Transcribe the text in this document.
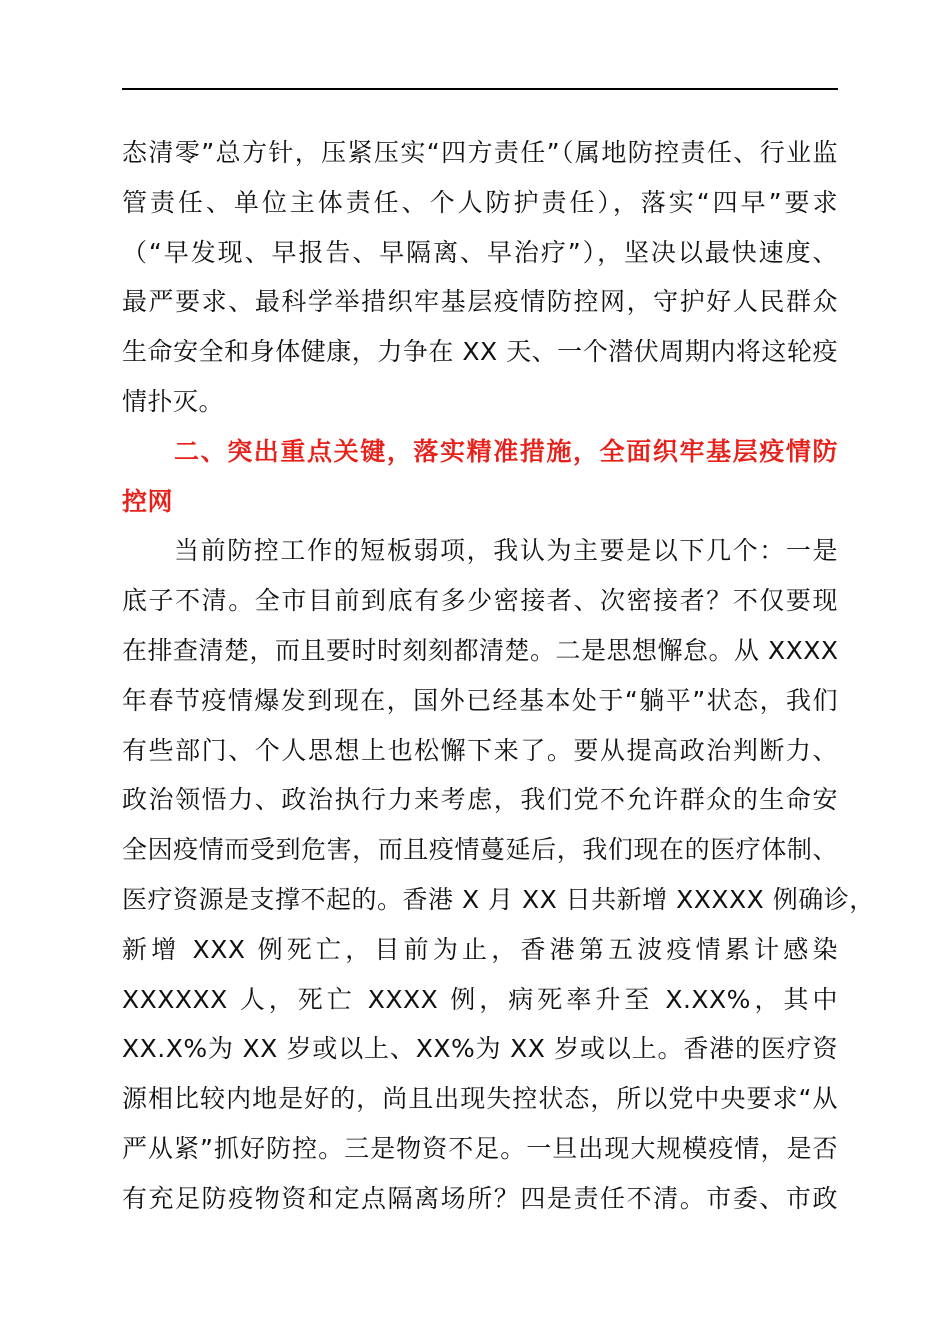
态清零”总方针，压紧压实“四方责任”（属地防控责任、行业监
管责任、单位主体责任、个人防护责任），落实“四早”要求
（“早发现、早报告、早隔离、早治疗”），坚决以最快速度、
最严要求、最科学举措织牢基层疫情防控网，守护好人民群众
生命安全和身体健康，力争在 XX 天、一个潜伏周期内将这轮疫
情扑灭。
二、突出重点关键，落实精准措施，全面织牢基层疫情防
控网
当前防控工作的短板弱项，我认为主要是以下几个：一是
底子不清。全市目前到底有多少密接者、次密接者？不仅要现
在排查清楚，而且要时时刻刻都清楚。二是思想懈怠。从 XXXX
年春节疫情爆发到现在，国外已经基本处于“躺平”状态，我们
有些部门、个人思想上也松懈下来了。要从提高政治判断力、
政治领悟力、政治执行力来考虑，我们党不允许群众的生命安
全因疫情而受到危害，而且疫情蔓延后，我们现在的医疗体制、
医疗资源是支撑不起的。香港 X 月 XX 日共新增 XXXXX 例确诊，
新增 XXX 例死亡，目前为止，香港第五波疫情累计感染
XXXXXX 人，死亡 XXXX 例，病死率升至 X.XX%，其中
XX.X%为 XX 岁或以上、XX%为 XX 岁或以上。香港的医疗资
源相比较内地是好的，尚且出现失控状态，所以党中央要求“从
严从紧”抓好防控。三是物资不足。一旦出现大规模疫情，是否
有充足防疫物资和定点隔离场所？四是责任不清。市委、市政
